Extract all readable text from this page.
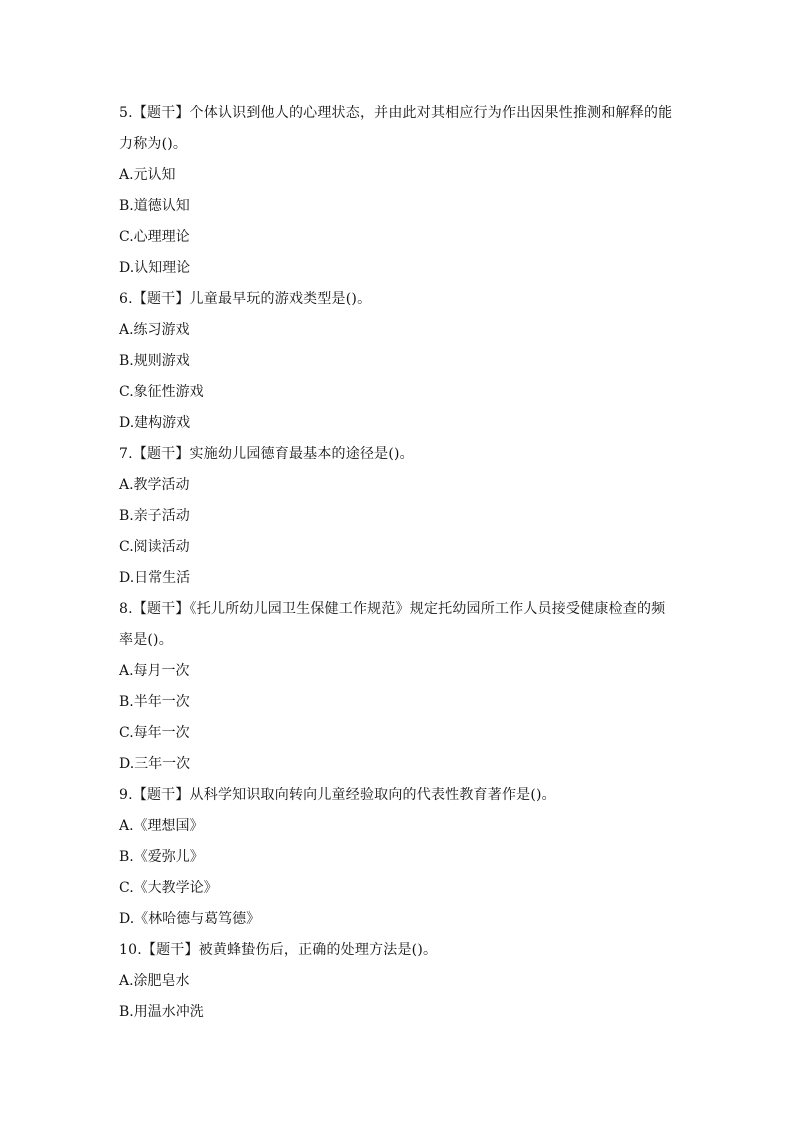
5.【题干】个体认识到他人的心理状态，并由此对其相应行为作出因果性推测和解释的能
力称为()。
A.元认知
B.道德认知
C.心理理论
D.认知理论
6.【题干】儿童最早玩的游戏类型是()。
A.练习游戏
B.规则游戏
C.象征性游戏
D.建构游戏
7.【题干】实施幼儿园德育最基本的途径是()。
A.教学活动
B.亲子活动
C.阅读活动
D.日常生活
8.【题干】《托儿所幼儿园卫生保健工作规范》规定托幼园所工作人员接受健康检查的频
率是()。
A.每月一次
B.半年一次
C.每年一次
D.三年一次
9.【题干】从科学知识取向转向儿童经验取向的代表性教育著作是()。
A.《理想国》
B.《爱弥儿》
C.《大教学论》
D.《林哈德与葛笃德》
10.【题干】被黄蜂蛰伤后，正确的处理方法是()。
A.涂肥皂水
B.用温水冲洗
